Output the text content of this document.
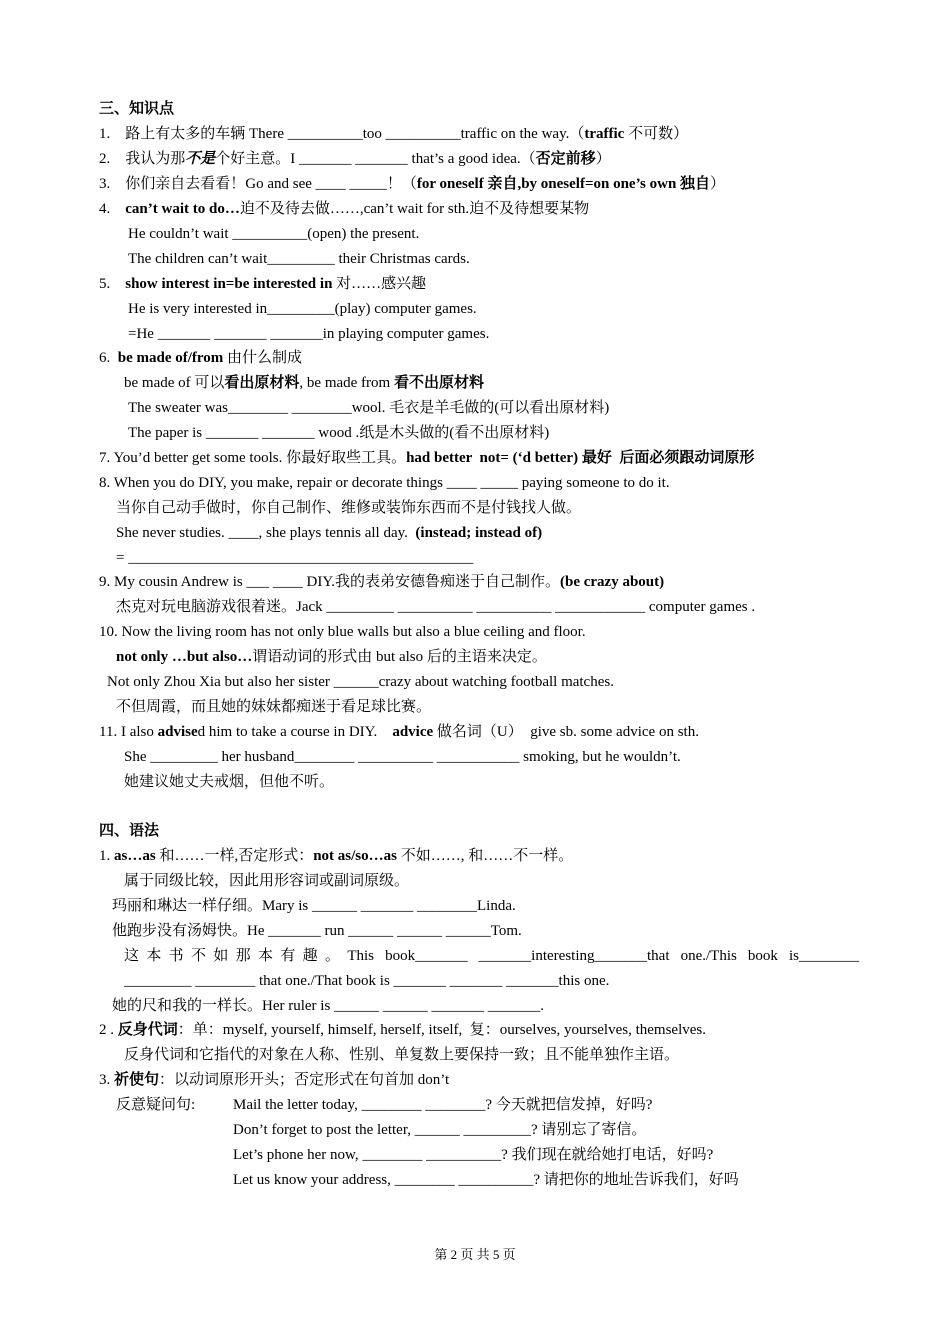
三、知识点
1.    路上有太多的车辆 There __________too __________traffic on the way.（traffic 不可数）
2.    我认为那不是个好主意。I _______ _______ that’s a good idea.（否定前移）
3.    你们亲自去看看！Go and see ____ _____！（for oneself 亲自,by oneself=on one’s own 独自）
4.    can’t wait to do…迫不及待去做……,can’t wait for sth.迫不及待想要某物
He couldn’t wait __________(open) the present.
The children can’t wait_________ their Christmas cards.
5.    show interest in=be interested in 对……感兴趣
He is very interested in_________(play) computer games.
=He _______ _______ _______in playing computer games.
6.  be made of/from 由什么制成
be made of 可以看出原材料, be made from 看不出原材料
The sweater was________ ________wool. 毛衣是羊毛做的(可以看出原材料)
The paper is _______ _______ wood .纸是木头做的(看不出原材料)
7. You’d better get some tools. 你最好取些工具。had better  not= (‘d better) 最好  后面必须跟动词原形
8. When you do DIY, you make, repair or decorate things ____ _____ paying someone to do it.
当你自己动手做时，你自己制作、维修或装饰东西而不是付钱找人做。
She never studies. ____, she plays tennis all day.  (instead; instead of)
= ______________________________________________
9. My cousin Andrew is ___ ____ DIY.我的表弟安德鲁痴迷于自己制作。(be crazy about)
杰克对玩电脑游戏很着迷。Jack _________ __________ __________ ____________ computer games .
10. Now the living room has not only blue walls but also a blue ceiling and floor.
not only …but also…谓语动词的形式由 but also 后的主语来决定。
Not only Zhou Xia but also her sister ______crazy about watching football matches.
不但周霞，而且她的妹妹都痴迷于看足球比赛。
11. I also advised him to take a course in DIY.    advice 做名词（U）  give sb. some advice on sth.
She _________ her husband________ __________ ___________ smoking, but he wouldn’t.
她建议她丈夫戒烟，但他不听。
四、语法
1. as…as 和……一样,否定形式：not as/so…as 不如……, 和……不一样。
属于同级比较，因此用形容词或副词原级。
玛丽和琳达一样仔细。Mary is ______ _______ ________Linda.
他跑步没有汤姆快。He _______ run ______ ______ ______Tom.
这本书不如那本有趣。This book_______ _______interesting_______that one./This book is________
_________ ________ that one./That book is _______ _______ _______this one.
她的尺和我的一样长。Her ruler is ______ ______ _______ _______.
2 . 反身代词：单：myself, yourself, himself, herself, itself,  复：ourselves, yourselves, themselves.
反身代词和它指代的对象在人称、性别、单复数上要保持一致；且不能单独作主语。
3. 祈使句：以动词原形开头；否定形式在句首加 don’t
反意疑问句:	Mail the letter today, ________ ________? 今天就把信发掉，好吗?
Don’t forget to post the letter, ______ _________? 请别忘了寄信。
Let’s phone her now, ________ __________? 我们现在就给她打电话，好吗?
Let us know your address, ________ __________? 请把你的地址告诉我们，好吗
第 2 页 共 5 页
